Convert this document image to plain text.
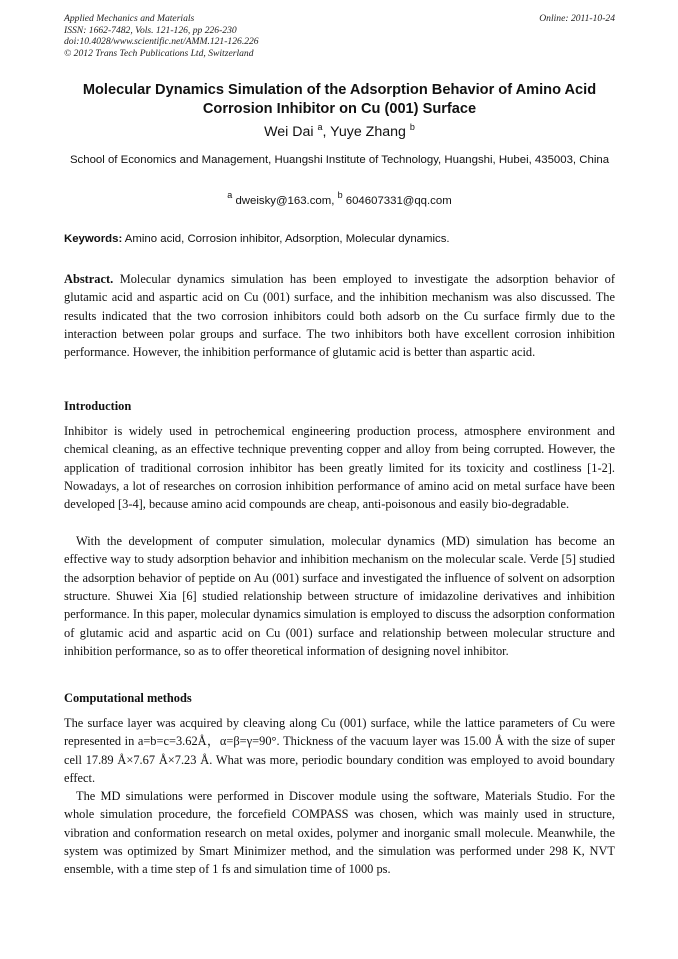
Applied Mechanics and Materials
ISSN: 1662-7482, Vols. 121-126, pp 226-230
doi:10.4028/www.scientific.net/AMM.121-126.226
© 2012 Trans Tech Publications Ltd, Switzerland
Online: 2011-10-24
Molecular Dynamics Simulation of the Adsorption Behavior of Amino Acid Corrosion Inhibitor on Cu (001) Surface
Wei Dai $^a$, Yuye Zhang $^b$
School of Economics and Management, Huangshi Institute of Technology, Huangshi, Hubei, 435003, China
$^a$ dweisky@163.com, $^b$ 604607331@qq.com
Keywords: Amino acid, Corrosion inhibitor, Adsorption, Molecular dynamics.
Abstract. Molecular dynamics simulation has been employed to investigate the adsorption behavior of glutamic acid and aspartic acid on Cu (001) surface, and the inhibition mechanism was also discussed. The results indicated that the two corrosion inhibitors could both adsorb on the Cu surface firmly due to the interaction between polar groups and surface. The two inhibitors both have excellent corrosion inhibition performance. However, the inhibition performance of glutamic acid is better than aspartic acid.
Introduction

Inhibitor is widely used in petrochemical engineering production process, atmosphere environment and chemical cleaning, as an effective technique preventing copper and alloy from being corrupted. However, the application of traditional corrosion inhibitor has been greatly limited for its toxicity and costliness [1-2]. Nowadays, a lot of researches on corrosion inhibition performance of amino acid on metal surface have been developed [3-4], because amino acid compounds are cheap, anti-poisonous and easily bio-degradable.

With the development of computer simulation, molecular dynamics (MD) simulation has become an effective way to study adsorption behavior and inhibition mechanism on the molecular scale. Verde [5] studied the adsorption behavior of peptide on Au (001) surface and investigated the influence of solvent on adsorption structure. Shuwei Xia [6] studied relationship between structure of imidazoline derivatives and inhibition performance. In this paper, molecular dynamics simulation is employed to discuss the adsorption conformation of glutamic acid and aspartic acid on Cu (001) surface and relationship between molecular structure and inhibition performance, so as to offer theoretical information of designing novel inhibitor.

Computational methods

The surface layer was acquired by cleaving along Cu (001) surface, while the lattice parameters of Cu were represented in a=b=c=3.62Å，α=β=γ=90°. Thickness of the vacuum layer was 15.00 Å with the size of super cell 17.89 Å×7.67 Å×7.23 Å. What was more, periodic boundary condition was employed to avoid boundary effect.

The MD simulations were performed in Discover module using the software, Materials Studio. For the whole simulation procedure, the forcefield COMPASS was chosen, which was mainly used in structure, vibration and conformation research on metal oxides, polymer and inorganic small molecule. Meanwhile, the system was optimized by Smart Minimizer method, and the simulation was performed under 298 K, NVT ensemble, with a time step of 1 fs and simulation time of 1000 ps.
